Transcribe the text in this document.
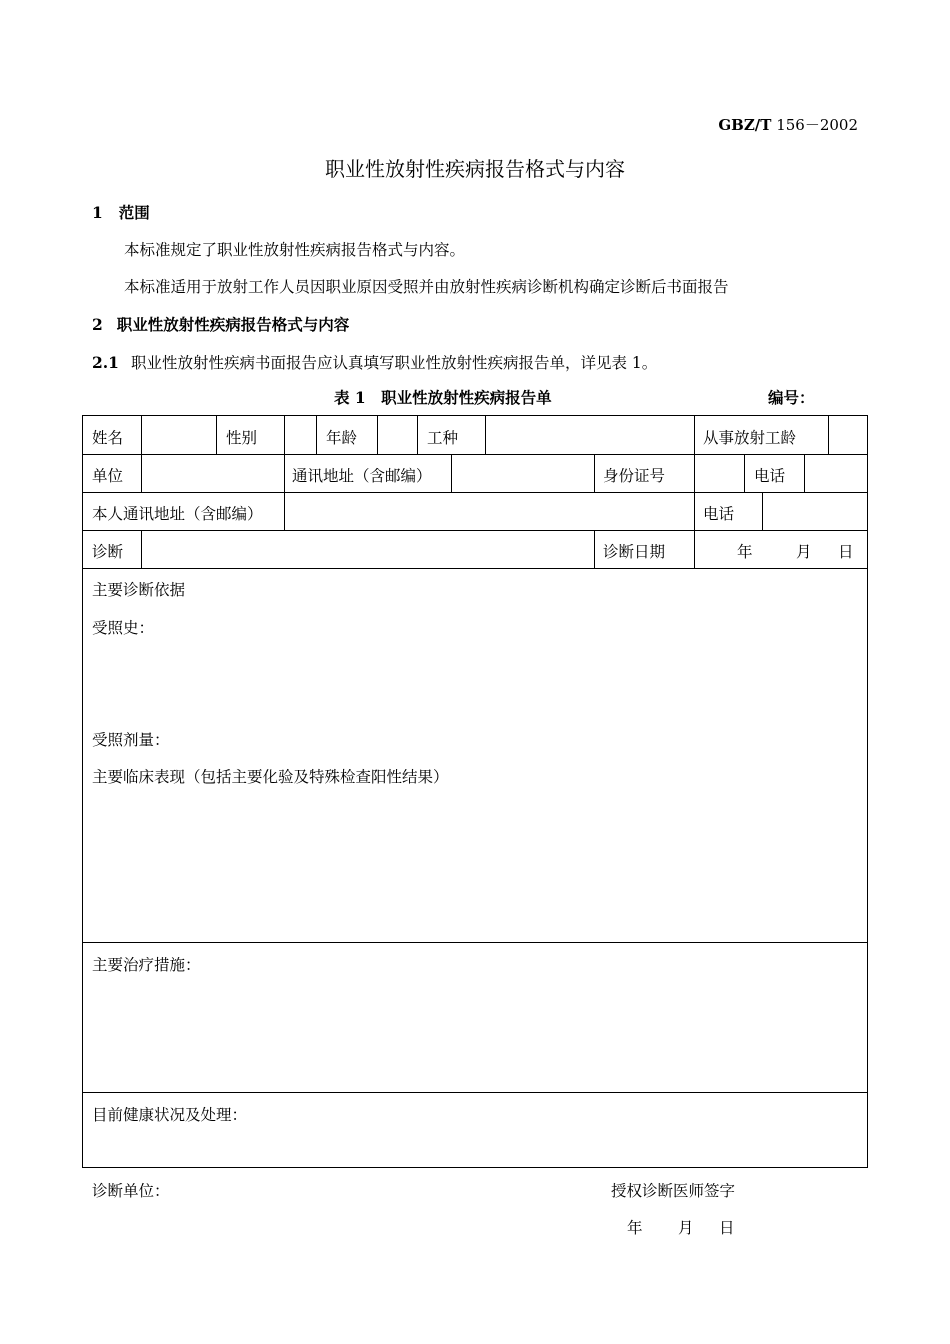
GBZ/T 156－2002
职业性放射性疾病报告格式与内容
1 范围
本标准规定了职业性放射性疾病报告格式与内容。
本标准适用于放射工作人员因职业原因受照并由放射性疾病诊断机构确定诊断后书面报告
2 职业性放射性疾病报告格式与内容
2.1 职业性放射性疾病书面报告应认真填写职业性放射性疾病报告单，详见表 1。
表 1　职业性放射性疾病报告单	编号：
姓名	性别	年龄	工种	从事放射工龄
单位	通讯地址（含邮编）	身份证号	电话
本人通讯地址（含邮编）	电话
诊断	诊断日期	年	月 日
主要诊断依据
受照史：
受照剂量：
主要临床表现（包括主要化验及特殊检查阳性结果）
主要治疗措施：
目前健康状况及处理：
诊断单位：	授权诊断医师签字
年 月 日
